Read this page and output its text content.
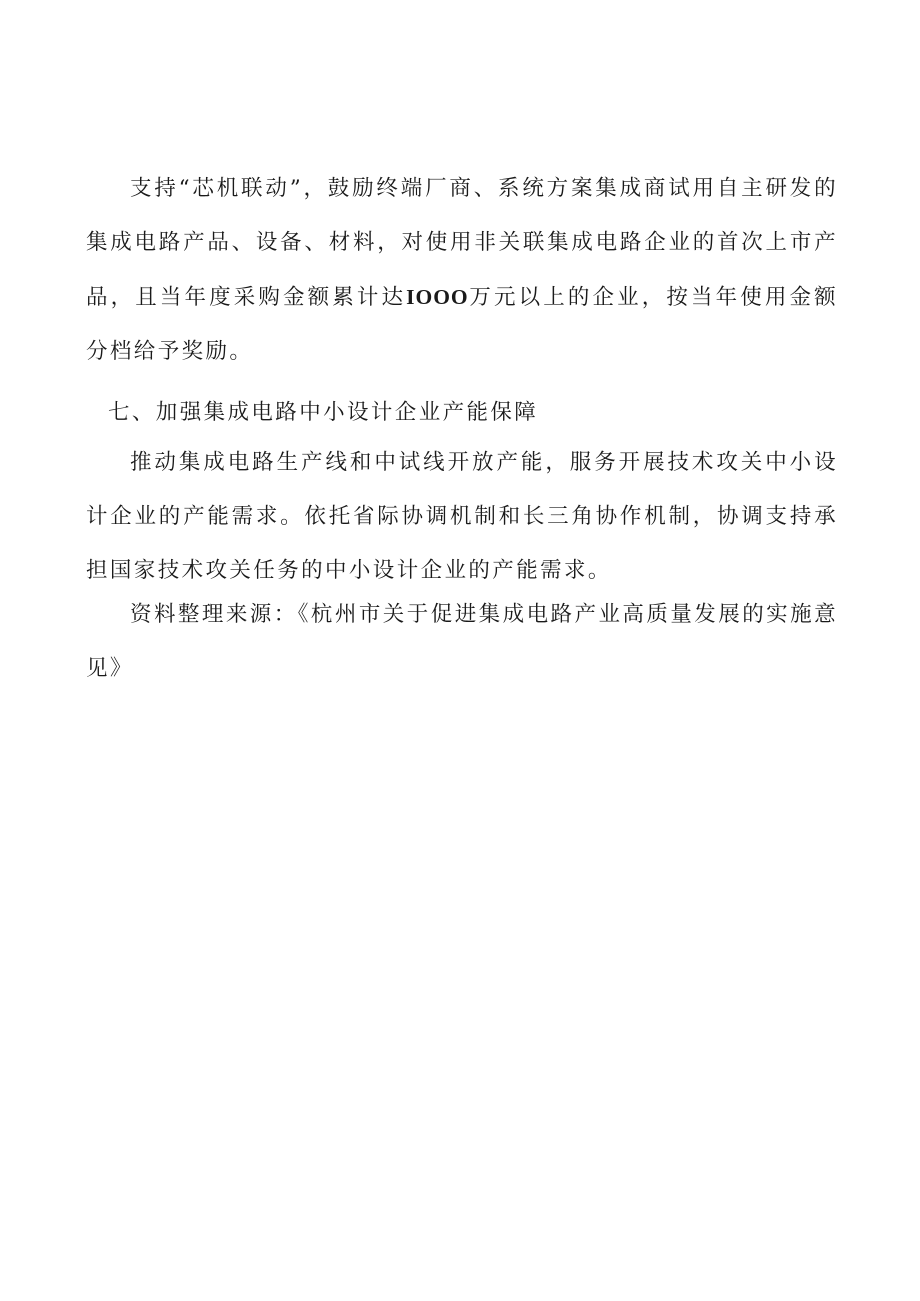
支持“芯机联动”，鼓励终端厂商、系统方案集成商试用自主研发的集成电路产品、设备、材料，对使用非关联集成电路企业的首次上市产品，且当年度采购金额累计达IOOO万元以上的企业，按当年使用金额分档给予奖励。

七、加强集成电路中小设计企业产能保障

推动集成电路生产线和中试线开放产能，服务开展技术攻关中小设计企业的产能需求。依托省际协调机制和长三角协作机制，协调支持承担国家技术攻关任务的中小设计企业的产能需求。

资料整理来源：《杭州市关于促进集成电路产业高质量发展的实施意见》
